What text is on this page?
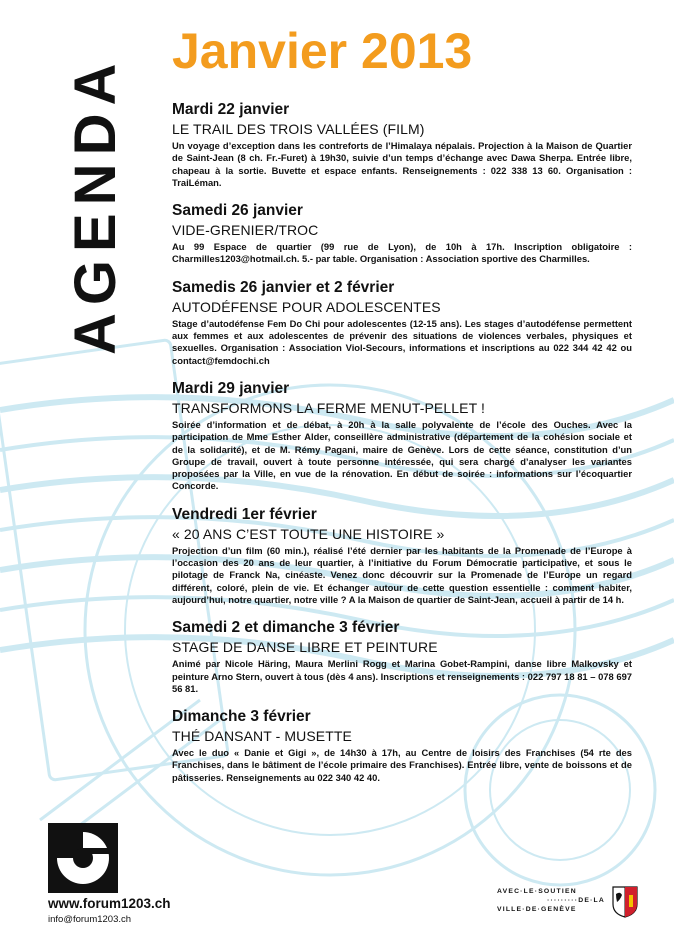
AGENDA
Janvier 2013
Mardi 22 janvier
LE TRAIL DES TROIS VALLÉES (FILM)
Un voyage d’exception dans les contreforts de l’Himalaya népalais. Projection à la Maison de Quartier de Saint-Jean (8 ch. Fr.-Furet) à 19h30, suivie d’un temps d’échange avec Dawa Sherpa. Entrée libre, chapeau à la sortie. Buvette et espace enfants. Renseignements : 022 338 13 60. Organisation : TraiLéman.
Samedi 26 janvier
VIDE-GRENIER/TROC
Au 99 Espace de quartier (99 rue de Lyon), de 10h à 17h. Inscription obligatoire : Charmilles1203@hotmail.ch. 5.- par table. Organisation : Association sportive des Charmilles.
Samedis 26 janvier et 2 février
AUTODÉFENSE POUR ADOLESCENTES
Stage d’autodéfense Fem Do Chi pour adolescentes (12-15 ans). Les stages d’autodéfense permettent aux femmes et aux adolescentes de prévenir des situations de violences verbales, physiques et sexuelles. Organisation : Association Viol-Secours, informations et inscriptions au 022 344 42 42 ou contact@femdochi.ch
Mardi 29 janvier
TRANSFORMONS LA FERME MENUT-PELLET !
Soirée d’information et de débat, à 20h à la salle polyvalente de l’école des Ouches. Avec la participation de Mme Esther Alder, conseillère administrative (département de la cohésion sociale et de la solidarité), et de M. Rémy Pagani, maire de Genève. Lors de cette séance, constitution d’un Groupe de travail, ouvert à toute personne intéressée, qui sera chargé d’analyser les variantes proposées par la Ville, en vue de la rénovation. En début de soirée : informations sur l’écoquartier Concorde.
Vendredi 1er février
« 20 ANS C’EST TOUTE UNE HISTOIRE »
Projection d’un film (60 min.), réalisé l’été dernier par les habitants de la Promenade de l’Europe à l’occasion des 20 ans de leur quartier, à l’initiative du Forum Démocratie participative, et sous le pilotage de Franck Na, cinéaste. Venez donc découvrir sur la Promenade de l’Europe un regard différent, coloré, plein de vie. Et échanger autour de cette question essentielle : comment habiter, aujourd’hui, notre quartier, notre ville ? A la Maison de quartier de Saint-Jean, accueil à partir de 14 h.
Samedi 2 et dimanche 3 février
STAGE DE DANSE LIBRE ET PEINTURE
Animé par Nicole Häring, Maura Merlini Rogg et Marina Gobet-Rampini, danse libre Malkovsky et peinture Arno Stern, ouvert à tous (dès 4 ans). Inscriptions et renseignements : 022 797 18 81 – 078 697 56 81.
Dimanche 3 février
THÉ DANSANT - MUSETTE
Avec le duo « Danie et Gigi », de 14h30 à 17h, au Centre de loisirs des Franchises (54 rte des Franchises, dans le bâtiment de l’école primaire des Franchises). Entrée libre, vente de boissons et de pâtisseries. Renseignements au 022 340 42 40.
www.forum1203.ch
info@forum1203.ch
AVEC·LE·SOUTIEN
·········DE·LA
VILLE·DE·GENÈVE
